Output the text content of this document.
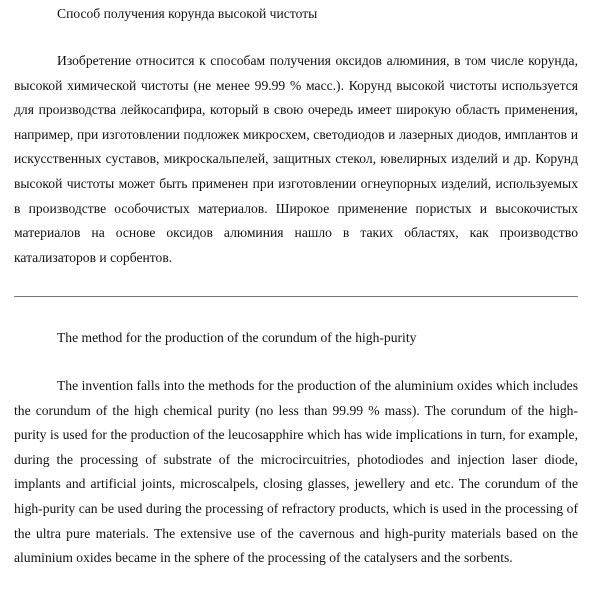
Способ получения корунда высокой чистоты

Изобретение относится к способам получения оксидов алюминия, в том числе корунда, высокой химической чистоты (не менее 99.99 % масс.). Корунд высокой чистоты используется для производства лейкосапфира, который в свою очередь имеет широкую область применения, например, при изготовлении подложек микросхем, светодиодов и лазерных диодов, имплантов и искусственных суставов, микроскальпелей, защитных стекол, ювелирных изделий и др. Корунд высокой чистоты может быть применен при изготовлении огнеупорных изделий, используемых в производстве особочистых материалов. Широкое применение пористых и высокочистых материалов на основе оксидов алюминия нашло в таких областях, как производство катализаторов и сорбентов.

The method for the production of the corundum of the high-purity

The invention falls into the methods for the production of the aluminium oxides which includes the corundum of the high chemical purity (no less than 99.99 % mass). The corundum of the high-purity is used for the production of the leucosapphire which has wide implications in turn, for example, during the processing of substrate of the microcircuitries, photodiodes and injection laser diode,      implants and artificial joints, microscalpels, closing glasses, jewellery and etc. The corundum of the high-purity can be used during the processing of refractory products, which is used in the processing of the ultra pure materials. The extensive use of the cavernous and high-purity materials based on the aluminium oxides became in the sphere of the processing of the catalysers and the sorbents.
